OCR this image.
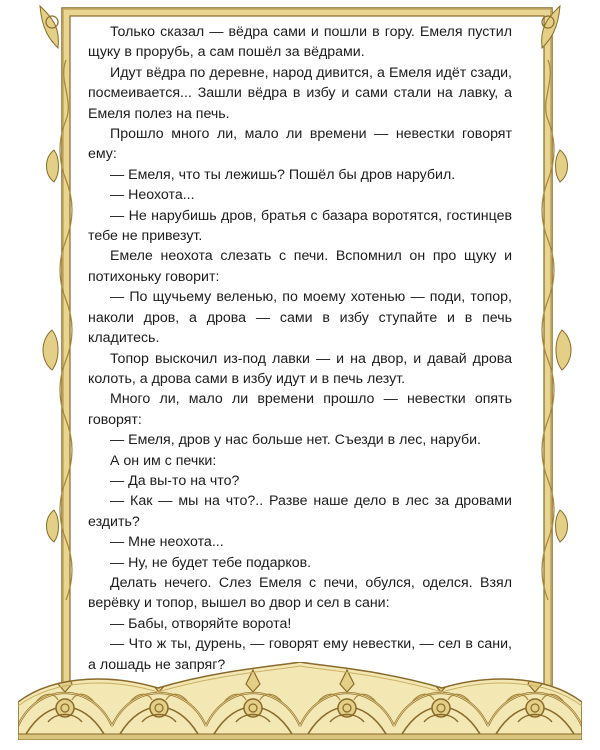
Только сказал — вёдра сами и пошли в гору. Емеля пустил щуку в прорубь, а сам пошёл за вёдрами.

Идут вёдра по деревне, народ дивится, а Емеля идёт сзади, посмеивается... Зашли вёдра в избу и сами стали на лавку, а Емеля полез на печь.

Прошло много ли, мало ли времени — невестки говорят ему:

— Емеля, что ты лежишь? Пошёл бы дров нарубил.

— Неохота...

— Не нарубишь дров, братья с базара воротятся, гостинцев тебе не привезут.

Емеле неохота слезать с печи. Вспомнил он про щуку и потихоньку говорит:

— По щучьему веленью, по моему хотенью — поди, топор, наколи дров, а дрова — сами в избу ступайте и в печь кладитесь.

Топор выскочил из-под лавки — и на двор, и давай дрова колоть, а дрова сами в избу идут и в печь лезут.

Много ли, мало ли времени прошло — невестки опять говорят:

— Емеля, дров у нас больше нет. Съезди в лес, наруби.

А он им с печки:

— Да вы-то на что?

— Как — мы на что?.. Разве наше дело в лес за дровами ездить?

— Мне неохота...

— Ну, не будет тебе подарков.

Делать нечего. Слез Емеля с печи, обулся, оделся. Взял верёвку и топор, вышел во двор и сел в сани:

— Бабы, отворяйте ворота!

— Что ж ты, дурень, — говорят ему невестки, — сел в сани, а лошадь не запряг?
